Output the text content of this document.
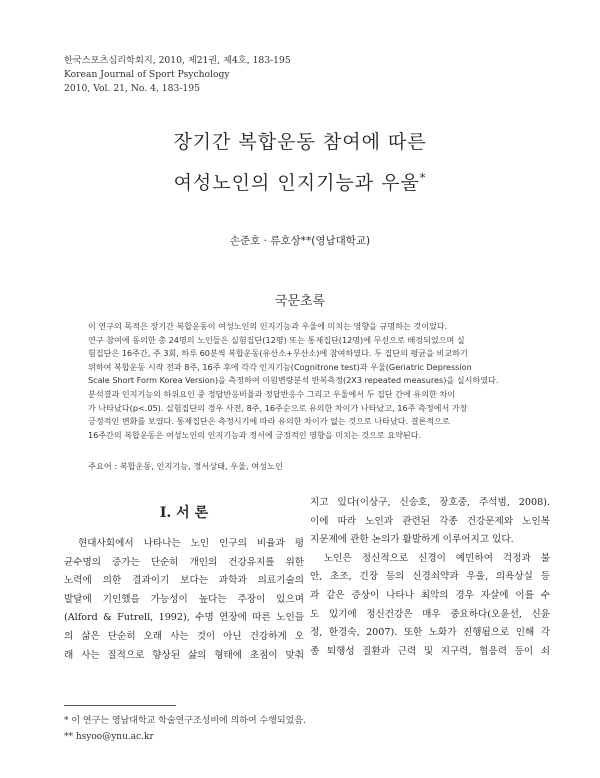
한국스포츠심리학회지, 2010, 제21권, 제4호, 183-195
Korean Journal of Sport Psychology
2010, Vol. 21, No. 4, 183-195
장기간 복합운동 참여에 따른
여성노인의 인지기능과 우울*
손준호 · 류호상**(영남대학교)
국문초록
이 연구의 목적은 장기간 복합운동이 여성노인의 인지기능과 우울에 미치는 영향을 규명하는 것이었다.
연구 참여에 동의한 총 24명의 노인들은 실험집단(12명) 또는 통제집단(12명)에 무선으로 배정되었으며 실
험집단은 16주간, 주 3회, 하루 60분씩 복합운동(유산소+무산소)에 참여하였다. 두 집단의 평균을 비교하기
위하여 복합운동 시작 전과 8주, 16주 후에 각각 인지기능(Cognitrone test)과 우울(Geriatric Depression
Scale Short Form Korea Version)을 측정하여 이원변량분석 반복측정(2X3 repeated measures)을 실시하였다.
분석결과 인지기능의 하위요인 중 정답반응비율과 정답반응수 그리고 우울에서 두 집단 간에 유의한 차이
가 나타났다(p<.05). 실험집단의 경우 사전, 8주, 16주순으로 유의한 차이가 나타났고, 16주 측정에서 가장
긍정적인 변화를 보였다. 통제집단은 측정시기에 따라 유의한 차이가 없는 것으로 나타났다. 결론적으로
16주간의 복합운동은 여성노인의 인지기능과 정서에 긍정적인 영향을 미치는 것으로 요약된다.
주요어 : 복합운동, 인지기능, 정서상태, 우울, 여성노인
I. 서 론
현대사회에서 나타나는 노인 인구의 비율과 평
균수명의 증가는 단순히 개인의 건강유지를 위한
노력에 의한 결과이기 보다는 과학과 의료기술의
발달에 기인했을 가능성이 높다는 주장이 있으며
(Alford & Futrell, 1992), 수명 연장에 따른 노인들
의 삶은 단순히 오래 사는 것이 아닌 건강하게 오
래 사는 질적으로 향상된 삶의 형태에 초점이 맞춰
지고 있다(이상구, 신승호, 장호중, 주석범, 2008).
이에 따라 노인과 관련된 각종 건강문제와 노인복
지문제에 관한 논의가 활발하게 이루어지고 있다.
노인은 정신적으로 신경이 예민하여 걱정과 불
안, 초조, 긴장 등의 신경쇠약과 우울, 의욕상실 등
과 같은 증상이 나타나 최악의 경우 자살에 이를 수
도 있기에 정신건강은 매우 중요하다(오윤선, 신윤
정, 한경숙, 2007). 또한 노화가 진행됨으로 인해 각
종 퇴행성 질환과 근력 및 지구력, 협응력 등이 쇠
* 이 연구는 영남대학교 학술연구조성비에 의하여 수행되었음.
** hsyoo@ynu.ac.kr
